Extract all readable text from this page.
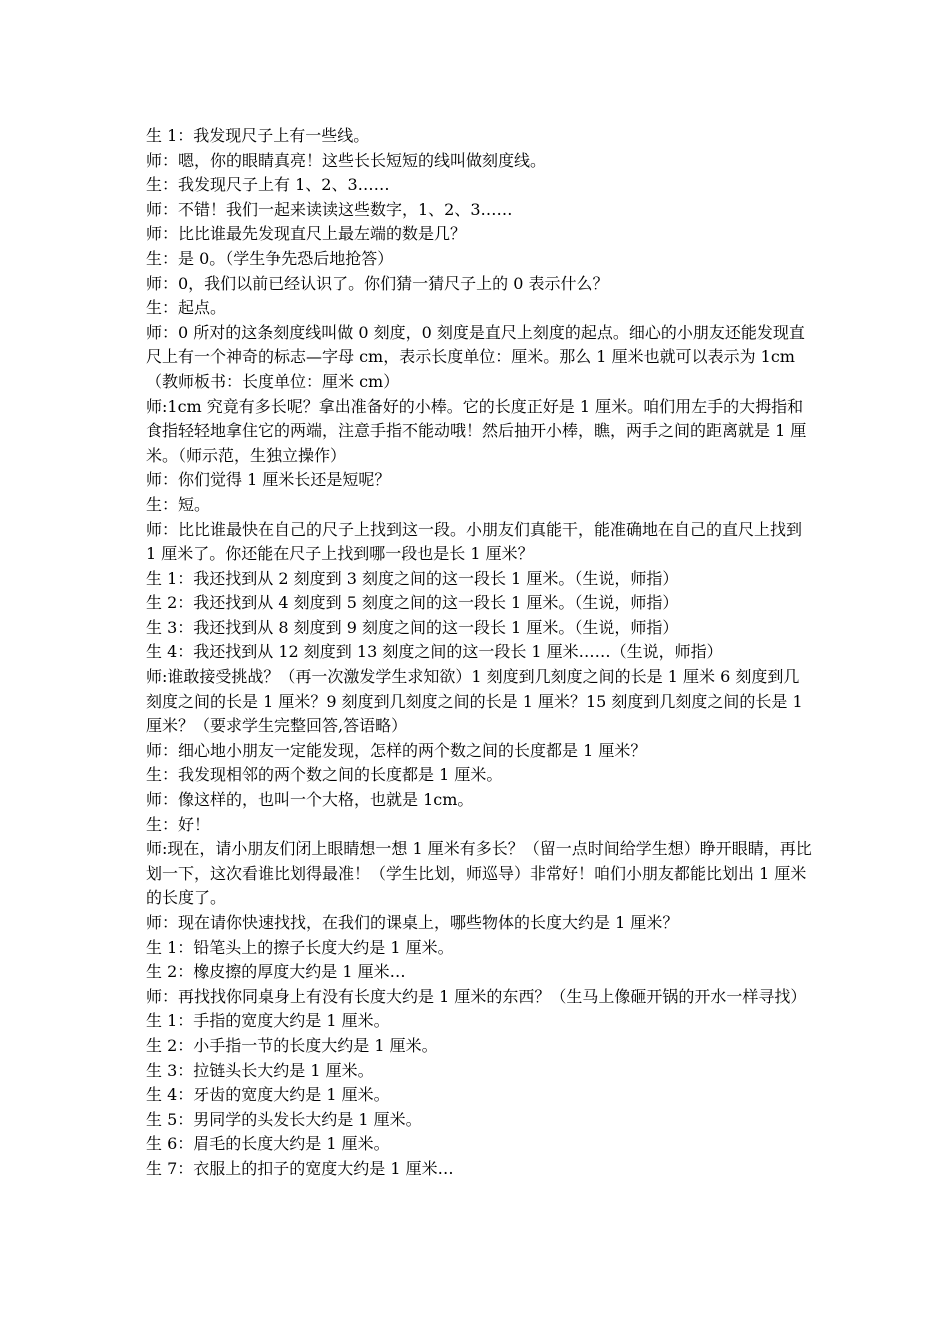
生 1：我发现尺子上有一些线。

师：嗯，你的眼睛真亮！这些长长短短的线叫做刻度线。

生：我发现尺子上有 1、2、3……

师：不错！我们一起来读读这些数字，1、2、3……

师：比比谁最先发现直尺上最左端的数是几？

生：是 0。（学生争先恐后地抢答）

师：0，我们以前已经认识了。你们猜一猜尺子上的 0 表示什么？

生：起点。

师：0 所对的这条刻度线叫做 0 刻度，0 刻度是直尺上刻度的起点。细心的小朋友还能发现直尺上有一个神奇的标志—字母 cm，表示长度单位：厘米。那么 1 厘米也就可以表示为 1cm（教师板书：长度单位：厘米 cm）

师:1cm 究竟有多长呢？拿出准备好的小棒。它的长度正好是 1 厘米。咱们用左手的大拇指和食指轻轻地拿住它的两端，注意手指不能动哦！然后抽开小棒，瞧，两手之间的距离就是 1 厘米。（师示范，生独立操作）

师：你们觉得 1 厘米长还是短呢？

生：短。

师：比比谁最快在自己的尺子上找到这一段。小朋友们真能干，能准确地在自己的直尺上找到 1 厘米了。你还能在尺子上找到哪一段也是长 1 厘米？

生 1：我还找到从 2 刻度到 3 刻度之间的这一段长 1 厘米。（生说，师指）

生 2：我还找到从 4 刻度到 5 刻度之间的这一段长 1 厘米。（生说，师指）

生 3：我还找到从 8 刻度到 9 刻度之间的这一段长 1 厘米。（生说，师指）

生 4：我还找到从 12 刻度到 13 刻度之间的这一段长 1 厘米……（生说，师指）

师:谁敢接受挑战？（再一次激发学生求知欲）1 刻度到几刻度之间的长是 1 厘米 6 刻度到几刻度之间的长是 1 厘米？9 刻度到几刻度之间的长是 1 厘米？15 刻度到几刻度之间的长是 1 厘米？（要求学生完整回答,答语略）

师：细心地小朋友一定能发现，怎样的两个数之间的长度都是 1 厘米？

生：我发现相邻的两个数之间的长度都是 1 厘米。

师：像这样的，也叫一个大格，也就是 1cm。

生：好！

师:现在，请小朋友们闭上眼睛想一想 1 厘米有多长？（留一点时间给学生想）睁开眼睛，再比划一下，这次看谁比划得最准！（学生比划，师巡导）非常好！咱们小朋友都能比划出 1 厘米的长度了。

师：现在请你快速找找，在我们的课桌上，哪些物体的长度大约是 1 厘米？

生 1：铅笔头上的擦子长度大约是 1 厘米。

生 2：橡皮擦的厚度大约是 1 厘米…

师：再找找你同桌身上有没有长度大约是 1 厘米的东西？（生马上像砸开锅的开水一样寻找）

生 1：手指的宽度大约是 1 厘米。

生 2：小手指一节的长度大约是 1 厘米。

生 3：拉链头长大约是 1 厘米。

生 4：牙齿的宽度大约是 1 厘米。

生 5：男同学的头发长大约是 1 厘米。

生 6：眉毛的长度大约是 1 厘米。

生 7：衣服上的扣子的宽度大约是 1 厘米…
